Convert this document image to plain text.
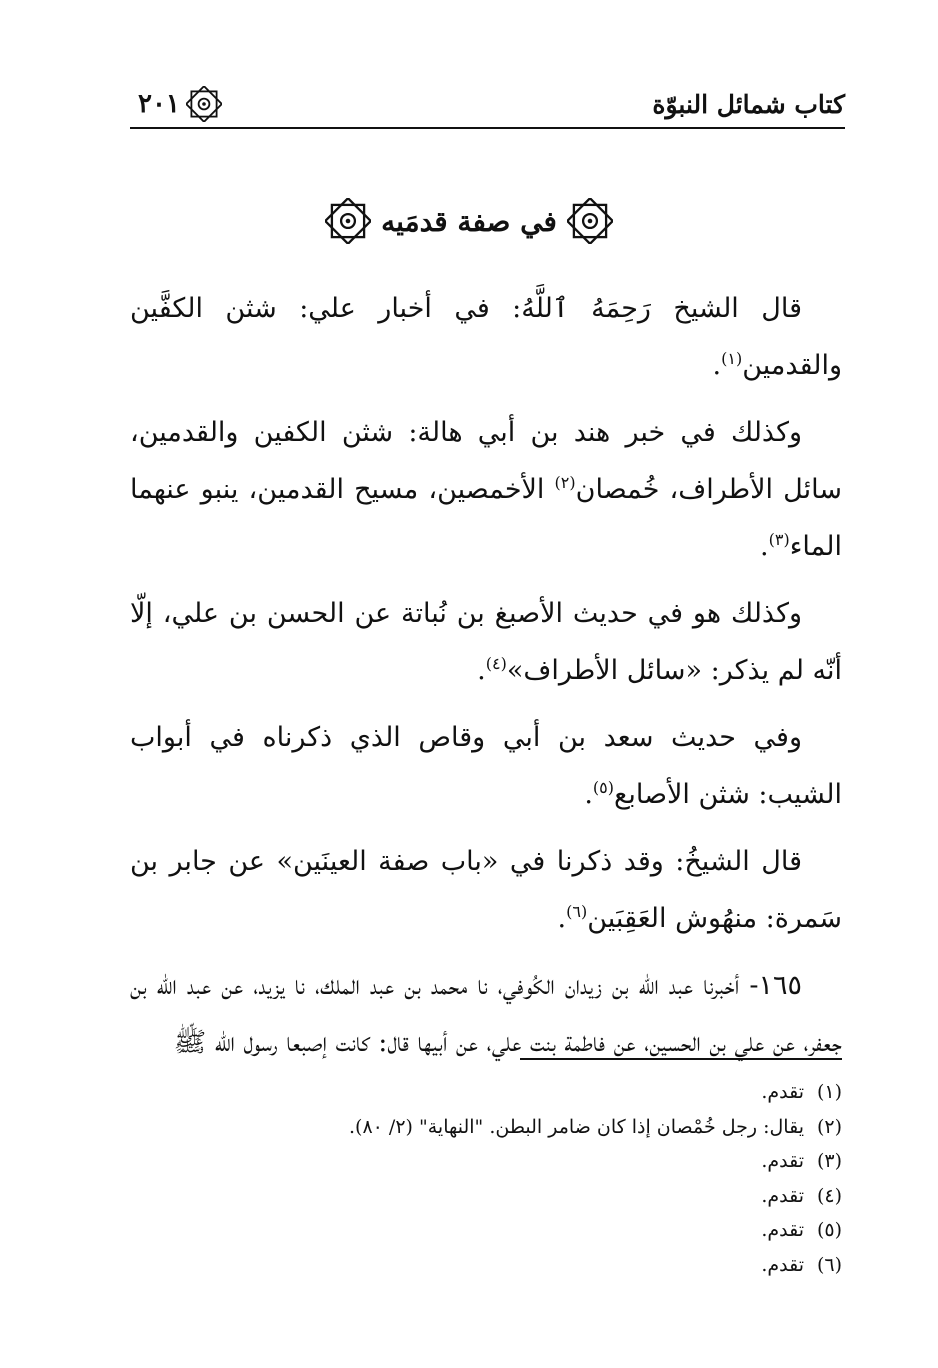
كتاب شمائل النبوّة
٢٠١
في صفة قدمَيه

قال الشيخ رَحِمَهُ ٱللَّهُ: في أخبار علي: شثن الكفَّين والقدمين$^{(١)}$.

وكذلك في خبر هند بن أبي هالة: شثن الكفين والقدمين، سائل الأطراف، خُمصان$^{(٢)}$ الأخمصين، مسيح القدمين، ينبو عنهما الماء$^{(٣)}$.

وكذلك هو في حديث الأصبغ بن نُباتة عن الحسن بن علي، إلّا أنّه لم يذكر: «سائل الأطراف»$^{(٤)}$.

وفي حديث سعد بن أبي وقاص الذي ذكرناه في أبواب الشيب: شثن الأصابع$^{(٥)}$.

قال الشيخُ: وقد ذكرنا في «باب صفة العينَين» عن جابر بن سَمرة: منهُوش العَقِبَين$^{(٦)}$.

١٦٥- أخبرنا عبد الله بن زيدان الكُوفي، نا محمد بن عبد الملك، نا يزيد، عن عبد الله بن جعفر، عن علي بن الحسين، عن فاطمة بنت علي، عن أبيها قال: كانت إصبعا رسول الله ﷺ

(١)تقدم.

(٢)يقال: رجل خُمْصان إذا كان ضامر البطن. "النهاية" (٢/ ٨٠).

(٣)تقدم.

(٤)تقدم.

(٥)تقدم.

(٦)تقدم.
